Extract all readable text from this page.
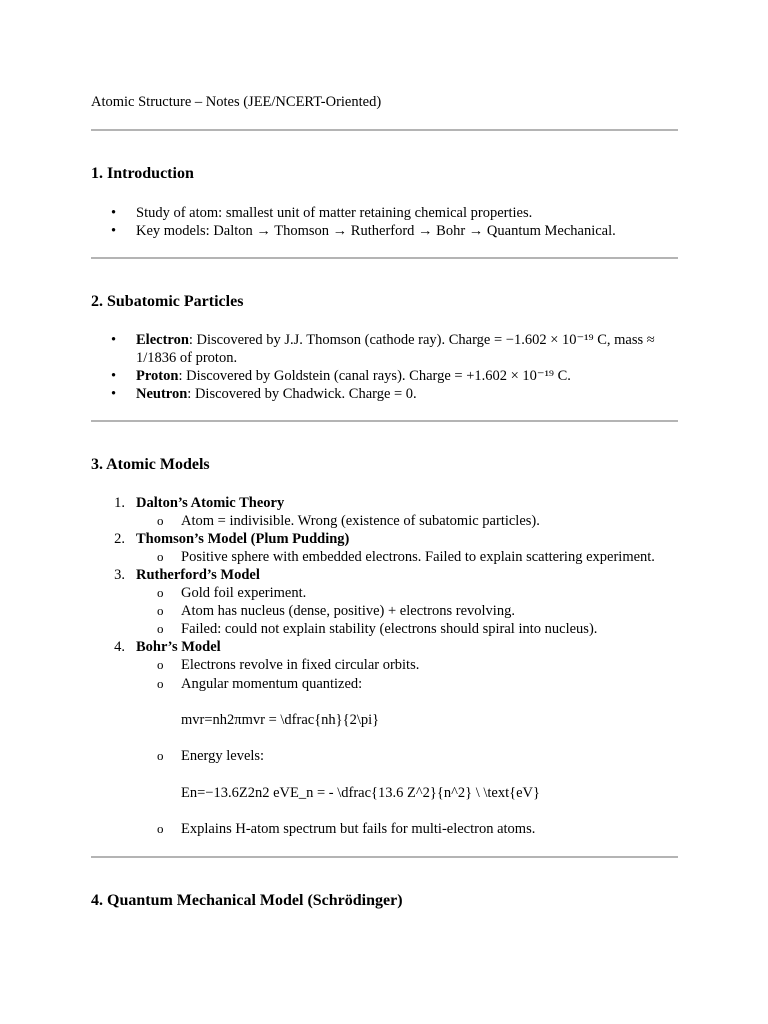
Atomic Structure – Notes (JEE/NCERT-Oriented)

1. Introduction

• Study of atom: smallest unit of matter retaining chemical properties.

• Key models: Dalton → Thomson → Rutherford → Bohr → Quantum Mechanical.

2. Subatomic Particles

• Electron: Discovered by J.J. Thomson (cathode ray). Charge = −1.602 × 10⁻¹⁹ C, mass ≈

1/1836 of proton.

• Proton: Discovered by Goldstein (canal rays). Charge = +1.602 × 10⁻¹⁹ C.

• Neutron: Discovered by Chadwick. Charge = 0.

3. Atomic Models
1. Dalton’s Atomic Theory

o Atom = indivisible. Wrong (existence of subatomic particles).

2. Thomson’s Model (Plum Pudding)

o Positive sphere with embedded electrons. Failed to explain scattering experiment.

3. Rutherford’s Model

o Gold foil experiment.

o Atom has nucleus (dense, positive) + electrons revolving.

o Failed: could not explain stability (electrons should spiral into nucleus).

4. Bohr’s Model

o Electrons revolve in fixed circular orbits.

o Angular momentum quantized:

mvr=nh2πmvr = \dfrac{nh}{2\pi}

o Energy levels:

En=−13.6Z2n2 eVE_n = - \dfrac{13.6 Z^2}{n^2} \ \text{eV}

o Explains H-atom spectrum but fails for multi-electron atoms.

4. Quantum Mechanical Model (Schrödinger)
